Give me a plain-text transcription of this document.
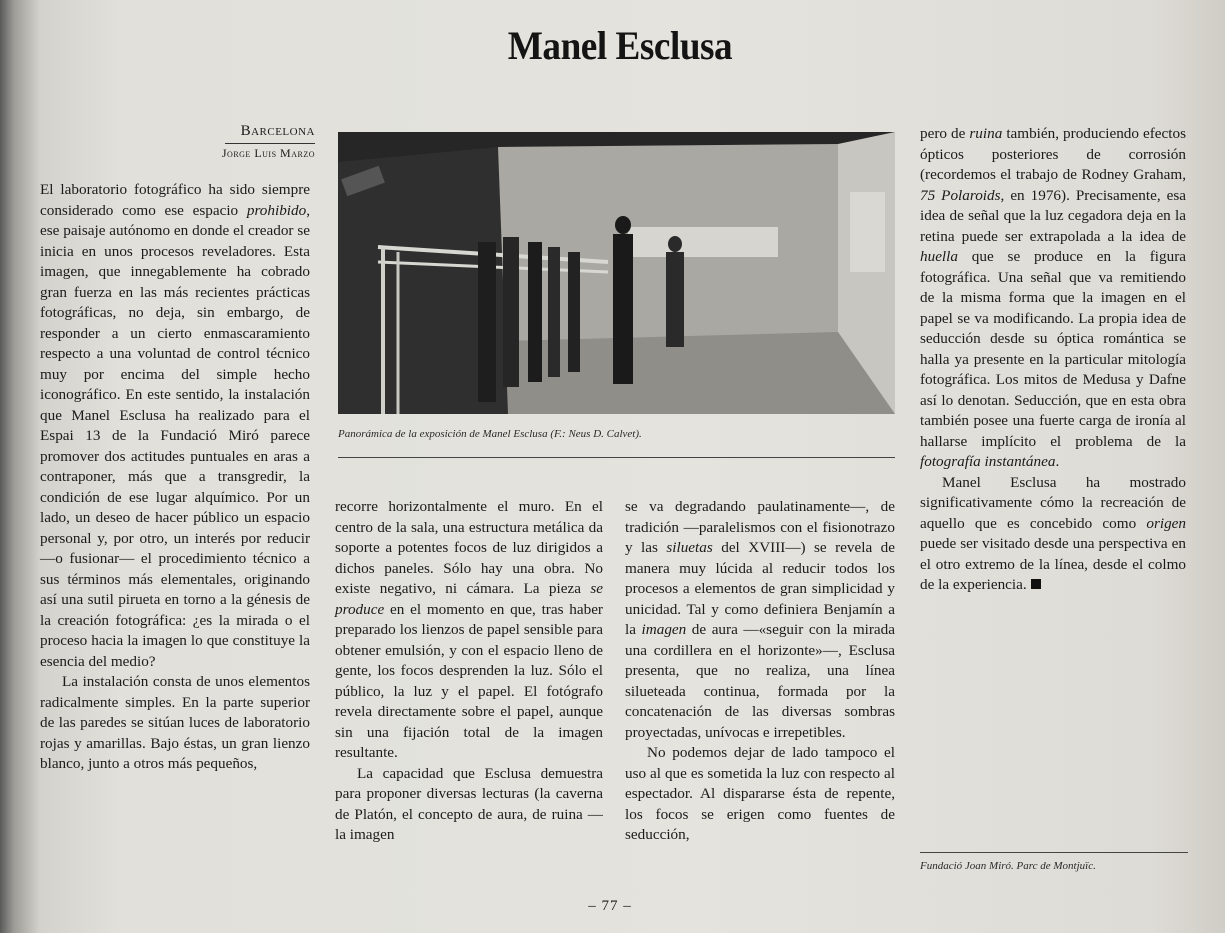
Manel Esclusa
Barcelona
Jorge Luis Marzo

El laboratorio fotográfico ha sido siempre considerado como ese espacio prohibido, ese paisaje autónomo en donde el creador se inicia en unos procesos reveladores. Esta imagen, que innegablemente ha cobrado gran fuerza en las más recientes prácticas fotográficas, no deja, sin embargo, de responder a un cierto enmascaramiento respecto a una voluntad de control técnico muy por encima del simple hecho iconográfico. En este sentido, la instalación que Manel Esclusa ha realizado para el Espai 13 de la Fundació Miró parece promover dos actitudes puntuales en aras a contraponer, más que a transgredir, la condición de ese lugar alquímico. Por un lado, un deseo de hacer público un espacio personal y, por otro, un interés por reducir —o fusionar— el procedimiento técnico a sus términos más elementales, originando así una sutil pirueta en torno a la génesis de la creación fotográfica: ¿es la mirada o el proceso hacia la imagen lo que constituye la esencia del medio?

La instalación consta de unos elementos radicalmente simples. En la parte superior de las paredes se sitúan luces de laboratorio rojas y amarillas. Bajo éstas, un gran lienzo blanco, junto a otros más pequeños,

Panorámica de la exposición de Manel Esclusa (F.: Neus D. Calvet).

recorre horizontalmente el muro. En el centro de la sala, una estructura metálica da soporte a potentes focos de luz dirigidos a dichos paneles. Sólo hay una obra. No existe negativo, ni cámara. La pieza se produce en el momento en que, tras haber preparado los lienzos de papel sensible para obtener emulsión, y con el espacio lleno de gente, los focos desprenden la luz. Sólo el público, la luz y el papel. El fotógrafo revela directamente sobre el papel, aunque sin una fijación total de la imagen resultante.

La capacidad que Esclusa demuestra para proponer diversas lecturas (la caverna de Platón, el concepto de aura, de ruina —la imagen

se va degradando paulatinamente—, de tradición —paralelismos con el fisionotrazo y las siluetas del XVIII—) se revela de manera muy lúcida al reducir todos los procesos a elementos de gran simplicidad y unicidad. Tal y como definiera Benjamín a la imagen de aura —«seguir con la mirada una cordillera en el horizonte»—, Esclusa presenta, que no realiza, una línea silueteada continua, formada por la concatenación de las diversas sombras proyectadas, unívocas e irrepetibles.

No podemos dejar de lado tampoco el uso al que es sometida la luz con respecto al espectador. Al dispararse ésta de repente, los focos se erigen como fuentes de seducción,

pero de ruina también, produciendo efectos ópticos posteriores de corrosión (recordemos el trabajo de Rodney Graham, 75 Polaroids, en 1976). Precisamente, esa idea de señal que la luz cegadora deja en la retina puede ser extrapolada a la idea de huella que se produce en la figura fotográfica. Una señal que va remitiendo de la misma forma que la imagen en el papel se va modificando. La propia idea de seducción desde su óptica romántica se halla ya presente en la particular mitología fotográfica. Los mitos de Medusa y Dafne así lo denotan. Seducción, que en esta obra también posee una fuerte carga de ironía al hallarse implícito el problema de la fotografía instantánea.

Manel Esclusa ha mostrado significativamente cómo la recreación de aquello que es concebido como origen puede ser visitado desde una perspectiva en el otro extremo de la línea, desde el colmo de la experiencia.

Fundació Joan Miró. Parc de Montjuïc.
– 77 –
